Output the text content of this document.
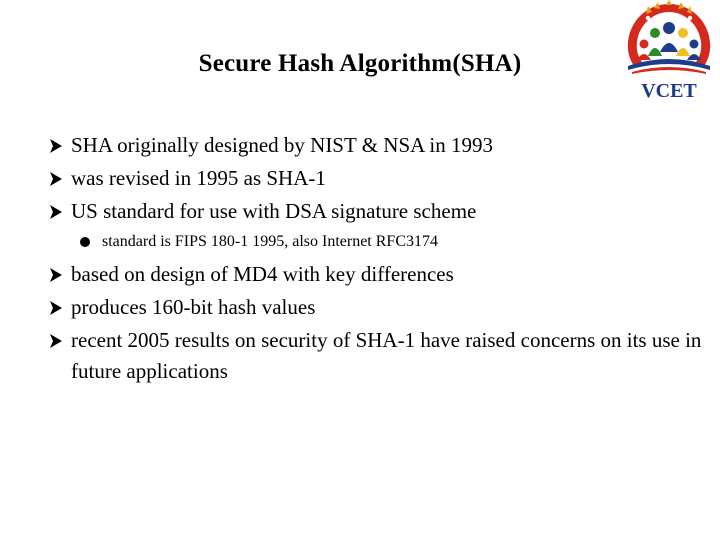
Secure Hash Algorithm(SHA)
VCET
SHA originally designed by NIST & NSA in 1993
was revised in 1995 as SHA-1
US standard for use with DSA signature scheme
standard is FIPS 180-1 1995, also Internet RFC3174
based on design of MD4 with key differences
produces 160-bit hash values
recent 2005 results on security of SHA-1 have raised concerns on its use in future applications
